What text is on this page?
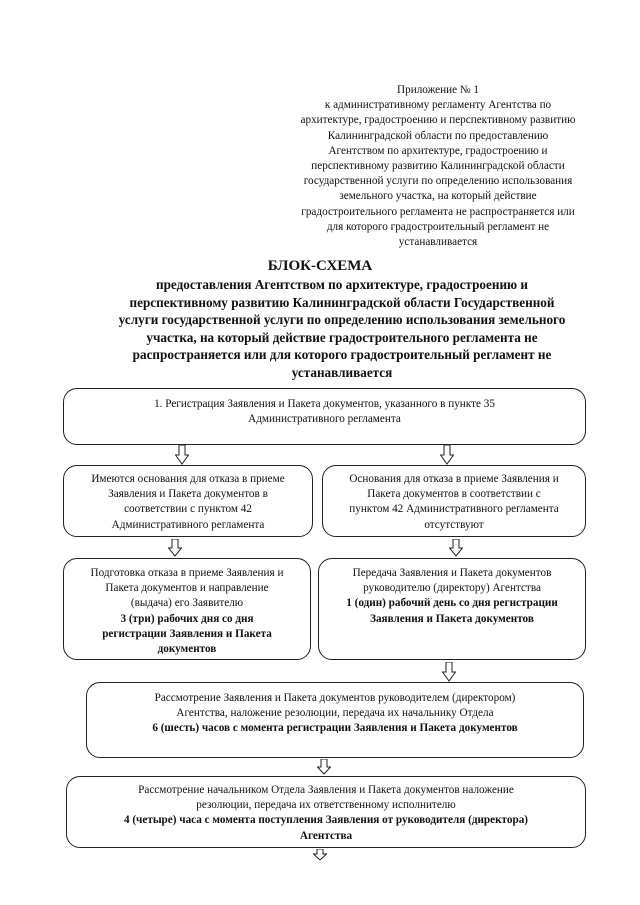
Приложение № 1
к административному регламенту Агентства по
архитектуре, градостроению и перспективному развитию
Калининградской области по предоставлению
Агентством по архитектуре, градостроению и
перспективному развитию Калининградской области
государственной услуги по определению использования
земельного участка, на который действие
градостроительного регламента не распространяется или
для которого градостроительный регламент не
устанавливается
БЛОК-СХЕМА
предоставления Агентством по архитектуре, градостроению и
перспективному развитию Калининградской области Государственной
услуги государственной услуги по определению использования земельного
участка, на который действие градостроительного регламента не
распространяется или для которого градостроительный регламент не
устанавливается
1. Регистрация Заявления и Пакета документов, указанного в пункте 35
Административного регламента
Имеются основания для отказа в приеме
Заявления и Пакета документов в
соответствии с пунктом 42
Административного регламента
Основания для отказа в приеме Заявления и
Пакета документов в соответствии с
пунктом 42 Административного регламента
отсутствуют
Подготовка отказа в приеме Заявления и
Пакета документов и направление
(выдача) его Заявителю
3 (три) рабочих дня со дня
регистрации Заявления и Пакета
документов
Передача Заявления и Пакета документов
руководителю (директору) Агентства
1 (один) рабочий день со дня регистрации
Заявления и Пакета документов
Рассмотрение Заявления и Пакета документов руководителем (директором)
Агентства, наложение резолюции, передача их начальнику Отдела
6 (шесть) часов с момента регистрации Заявления и Пакета документов
Рассмотрение начальником Отдела Заявления и Пакета документов наложение
резолюции, передача их ответственному исполнителю
4 (четыре) часа с момента поступления Заявления от руководителя (директора)
Агентства
